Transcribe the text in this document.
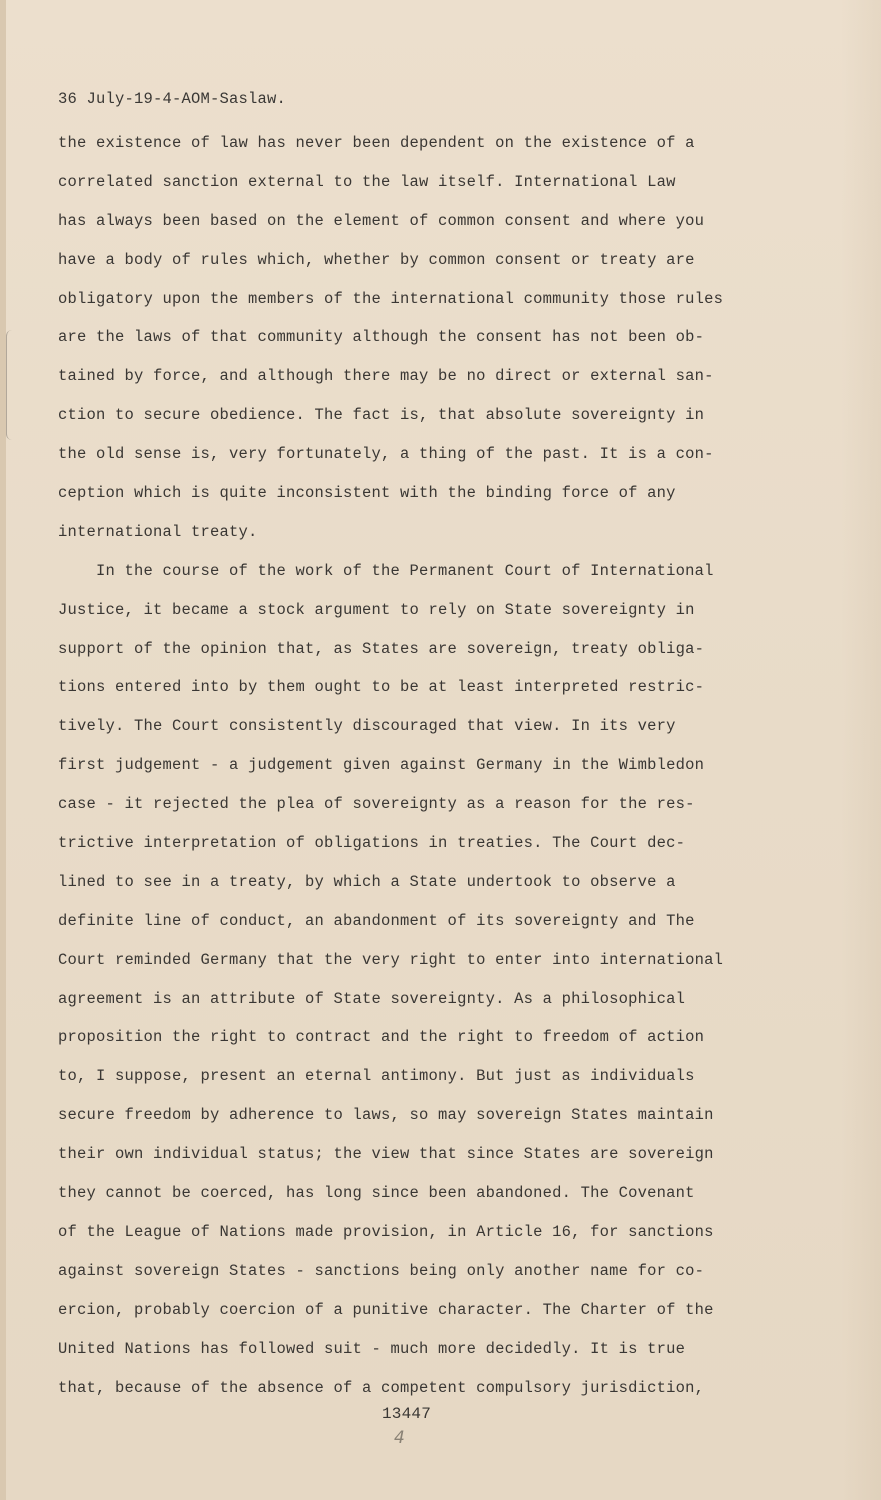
36 July-19-4-AOM-Saslaw.
the existence of law has never been dependent on the existence of a
correlated sanction external to the law itself. International Law
has always been based on the element of common consent and where you
have a body of rules which, whether by common consent or treaty are
obligatory upon the members of the international community those rules
are the laws of that community although the consent has not been ob-
tained by force, and although there may be no direct or external san-
ction to secure obedience. The fact is, that absolute sovereignty in
the old sense is, very fortunately, a thing of the past. It is a con-
ception which is quite inconsistent with the binding force of any
international treaty.
In the course of the work of the Permanent Court of International
Justice, it became a stock argument to rely on State sovereignty in
support of the opinion that, as States are sovereign, treaty obliga-
tions entered into by them ought to be at least interpreted restric-
tively. The Court consistently discouraged that view. In its very
first judgement - a judgement given against Germany in the Wimbledon
case - it rejected the plea of sovereignty as a reason for the res-
trictive interpretation of obligations in treaties. The Court dec-
lined to see in a treaty, by which a State undertook to observe a
definite line of conduct, an abandonment of its sovereignty and The
Court reminded Germany that the very right to enter into international
agreement is an attribute of State sovereignty. As a philosophical
proposition the right to contract and the right to freedom of action
to, I suppose, present an eternal antimony. But just as individuals
secure freedom by adherence to laws, so may sovereign States maintain
their own individual status; the view that since States are sovereign
they cannot be coerced, has long since been abandoned. The Covenant
of the League of Nations made provision, in Article 16, for sanctions
against sovereign States - sanctions being only another name for co-
ercion, probably coercion of a punitive character. The Charter of the
United Nations has followed suit - much more decidedly. It is true
that, because of the absence of a competent compulsory jurisdiction,
13447
4
